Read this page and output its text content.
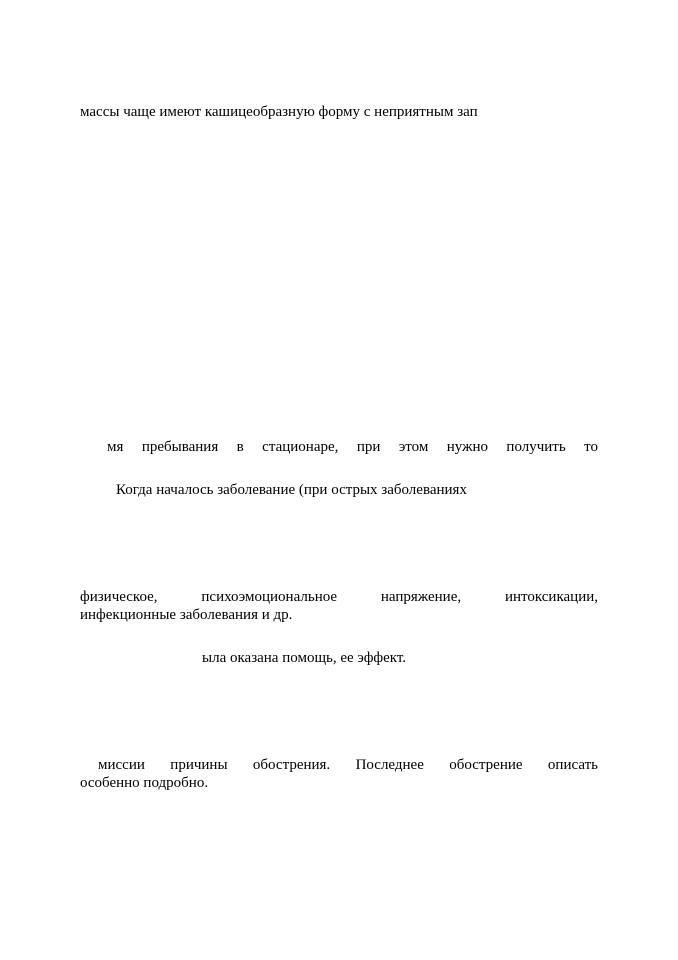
массы чаще имеют кашицеобразную форму с неприятным зап

мя пребывания в стационаре, при этом нужно получить то

Когда началось заболевание (при острых заболеваниях

физическое, психоэмоциональное напряжение, интоксикации,
инфекционные заболевания и др.

ыла оказана помощь, ее эффект.

миссии причины обострения. Последнее обострение описать
особенно подробно.
